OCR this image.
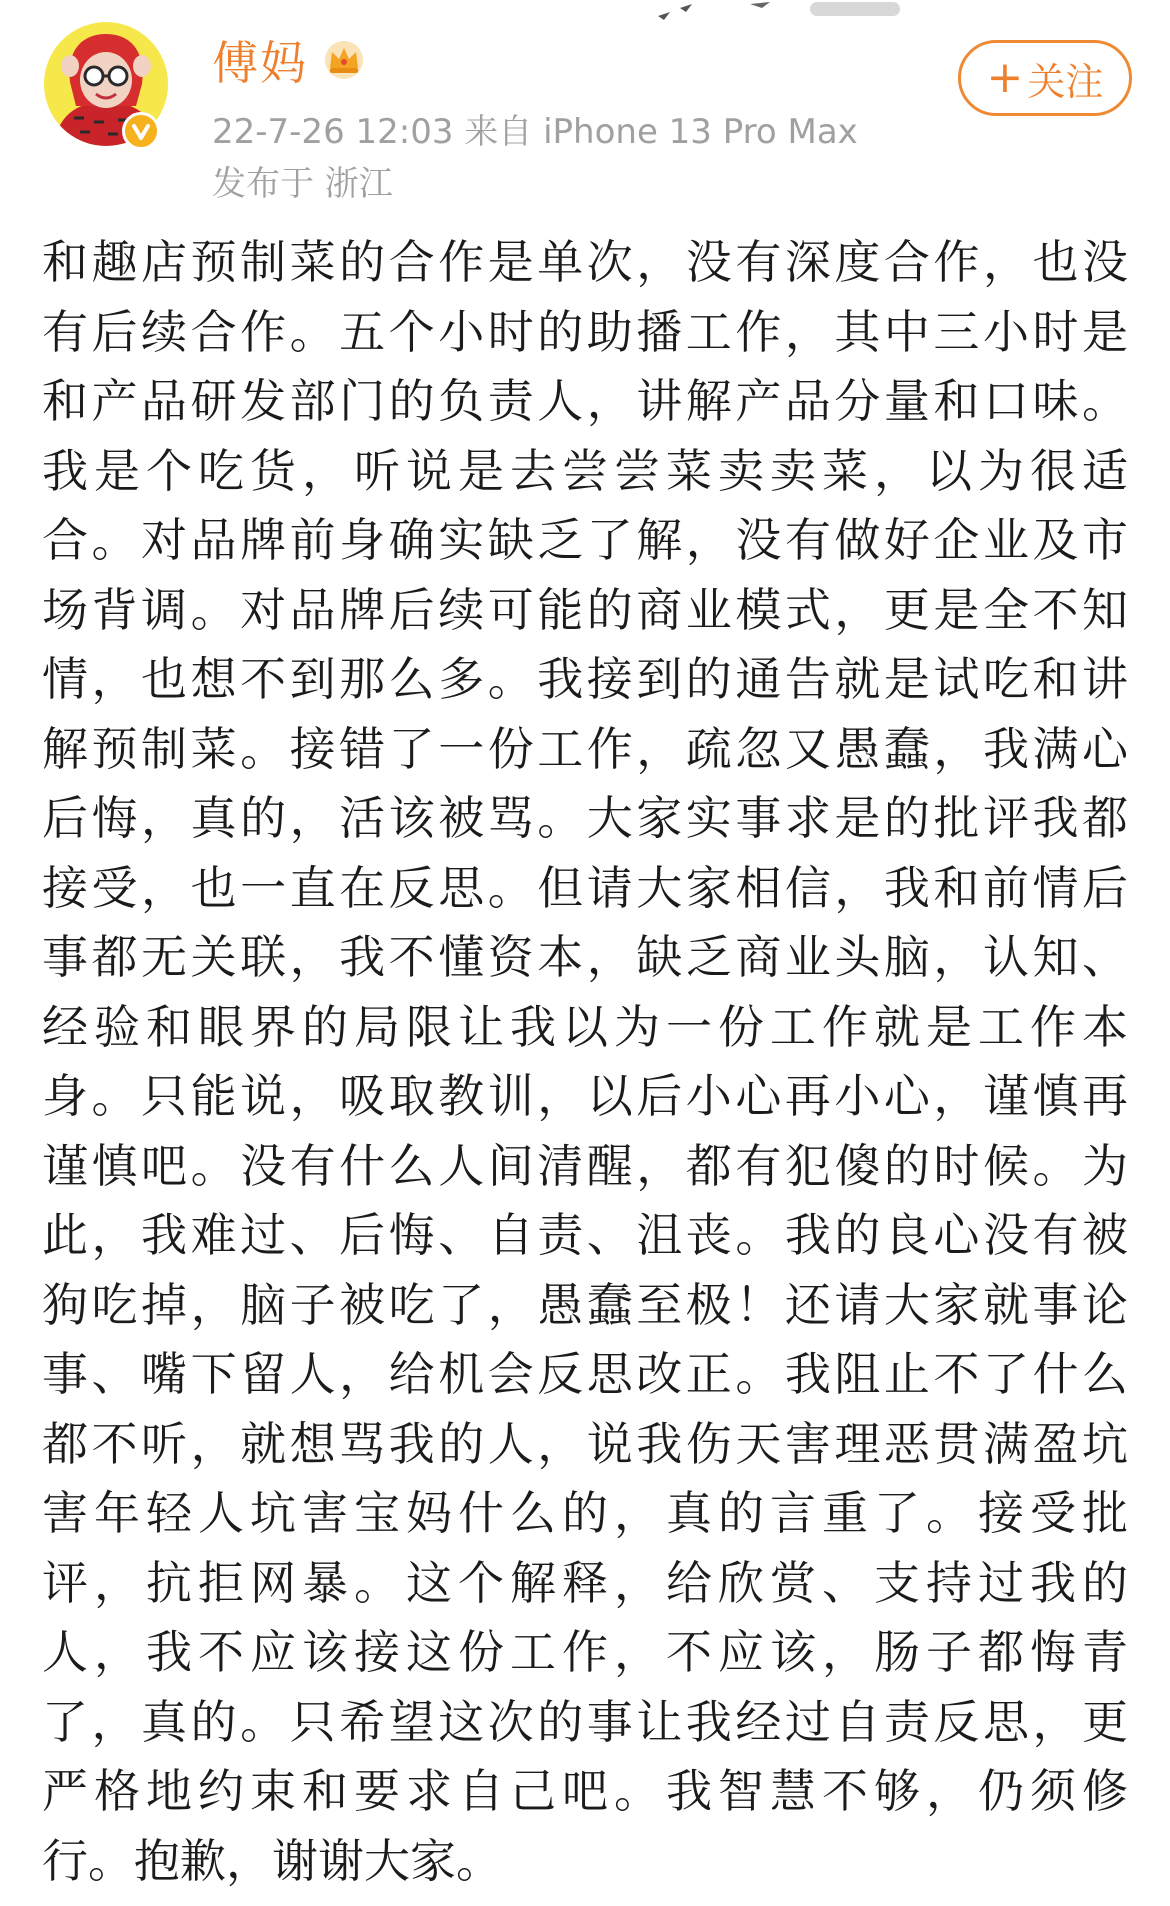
傅妈
22-7-26 12:03 来自 iPhone 13 Pro Max
发布于 浙江
+ 关注
和趣店预制菜的合作是单次，没有深度合作，也没
有后续合作。五个小时的助播工作，其中三小时是
和产品研发部门的负责人，讲解产品分量和口味。
我是个吃货，听说是去尝尝菜卖卖菜，以为很适
合。对品牌前身确实缺乏了解，没有做好企业及市
场背调。对品牌后续可能的商业模式，更是全不知
情，也想不到那么多。我接到的通告就是试吃和讲
解预制菜。接错了一份工作，疏忽又愚蠢，我满心
后悔，真的，活该被骂。大家实事求是的批评我都
接受，也一直在反思。但请大家相信，我和前情后
事都无关联，我不懂资本，缺乏商业头脑，认知、
经验和眼界的局限让我以为一份工作就是工作本
身。只能说，吸取教训，以后小心再小心，谨慎再
谨慎吧。没有什么人间清醒，都有犯傻的时候。为
此，我难过、后悔、自责、沮丧。我的良心没有被
狗吃掉，脑子被吃了，愚蠢至极！还请大家就事论
事、嘴下留人，给机会反思改正。我阻止不了什么
都不听，就想骂我的人，说我伤天害理恶贯满盈坑
害年轻人坑害宝妈什么的，真的言重了。接受批
评，抗拒网暴。这个解释，给欣赏、支持过我的
人，我不应该接这份工作，不应该，肠子都悔青
了，真的。只希望这次的事让我经过自责反思，更
严格地约束和要求自己吧。我智慧不够，仍须修
行。抱歉，谢谢大家。
